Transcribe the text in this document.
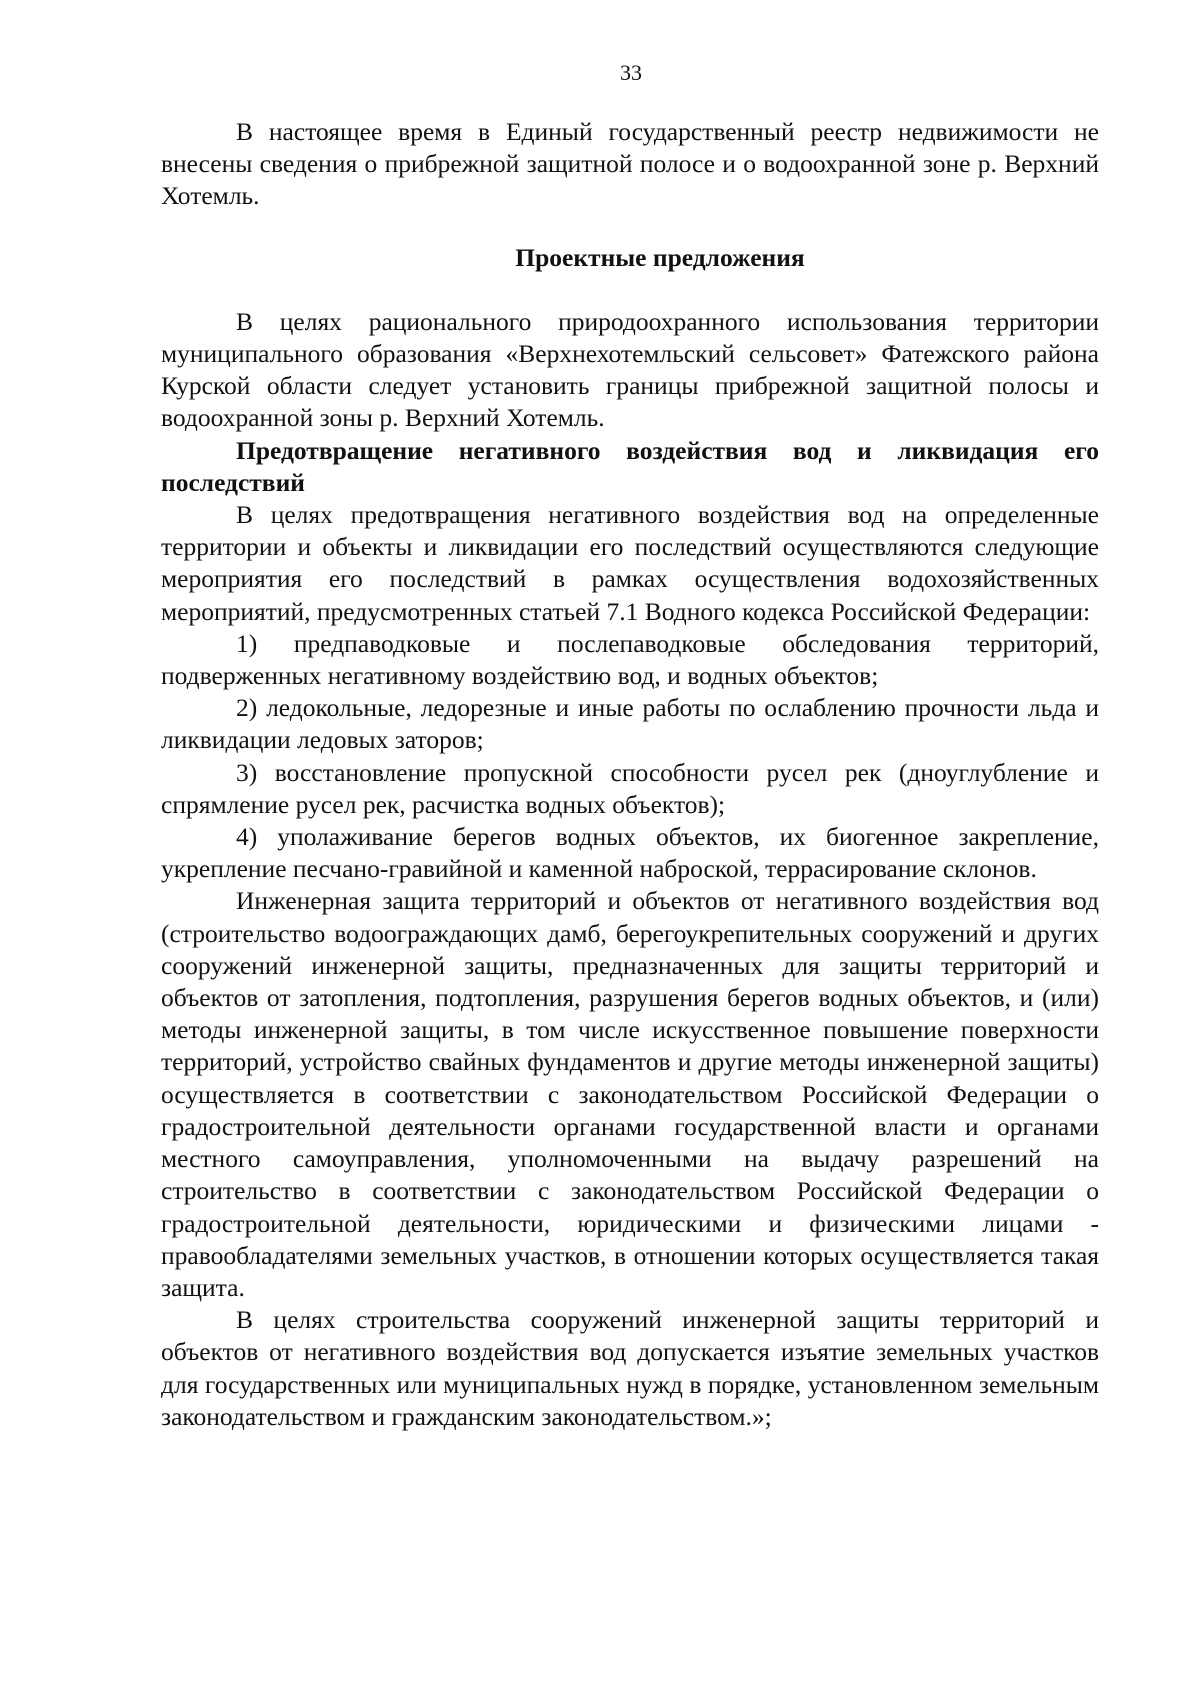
33

В настоящее время в Единый государственный реестр недвижимости не внесены сведения о прибрежной защитной полосе и о водоохранной зоне р. Верхний Хотемль.

Проектные предложения

В целях рационального природоохранного использования территории муниципального образования «Верхнехотемльский сельсовет» Фатежского района Курской области следует установить границы прибрежной защитной полосы и водоохранной зоны р. Верхний Хотемль.

Предотвращение негативного воздействия вод и ликвидация его последствий

В целях предотвращения негативного воздействия вод на определенные территории и объекты и ликвидации его последствий осуществляются следующие мероприятия его последствий в рамках осуществления водохозяйственных мероприятий, предусмотренных статьей 7.1 Водного кодекса Российской Федерации:

1) предпаводковые и послепаводковые обследования территорий, подверженных негативному воздействию вод, и водных объектов;

2) ледокольные, ледорезные и иные работы по ослаблению прочности льда и ликвидации ледовых заторов;

3) восстановление пропускной способности русел рек (дноуглубление и спрямление русел рек, расчистка водных объектов);

4) уполаживание берегов водных объектов, их биогенное закрепление, укрепление песчано-гравийной и каменной наброской, террасирование склонов.

Инженерная защита территорий и объектов от негативного воздействия вод (строительство водоограждающих дамб, берегоукрепительных сооружений и других сооружений инженерной защиты, предназначенных для защиты территорий и объектов от затопления, подтопления, разрушения берегов водных объектов, и (или) методы инженерной защиты, в том числе искусственное повышение поверхности территорий, устройство свайных фундаментов и другие методы инженерной защиты) осуществляется в соответствии с законодательством Российской Федерации о градостроительной деятельности органами государственной власти и органами местного самоуправления, уполномоченными на выдачу разрешений на строительство в соответствии с законодательством Российской Федерации о градостроительной деятельности, юридическими и физическими лицами - правообладателями земельных участков, в отношении которых осуществляется такая защита.

В целях строительства сооружений инженерной защиты территорий и объектов от негативного воздействия вод допускается изъятие земельных участков для государственных или муниципальных нужд в порядке, установленном земельным законодательством и гражданским законодательством.»;
